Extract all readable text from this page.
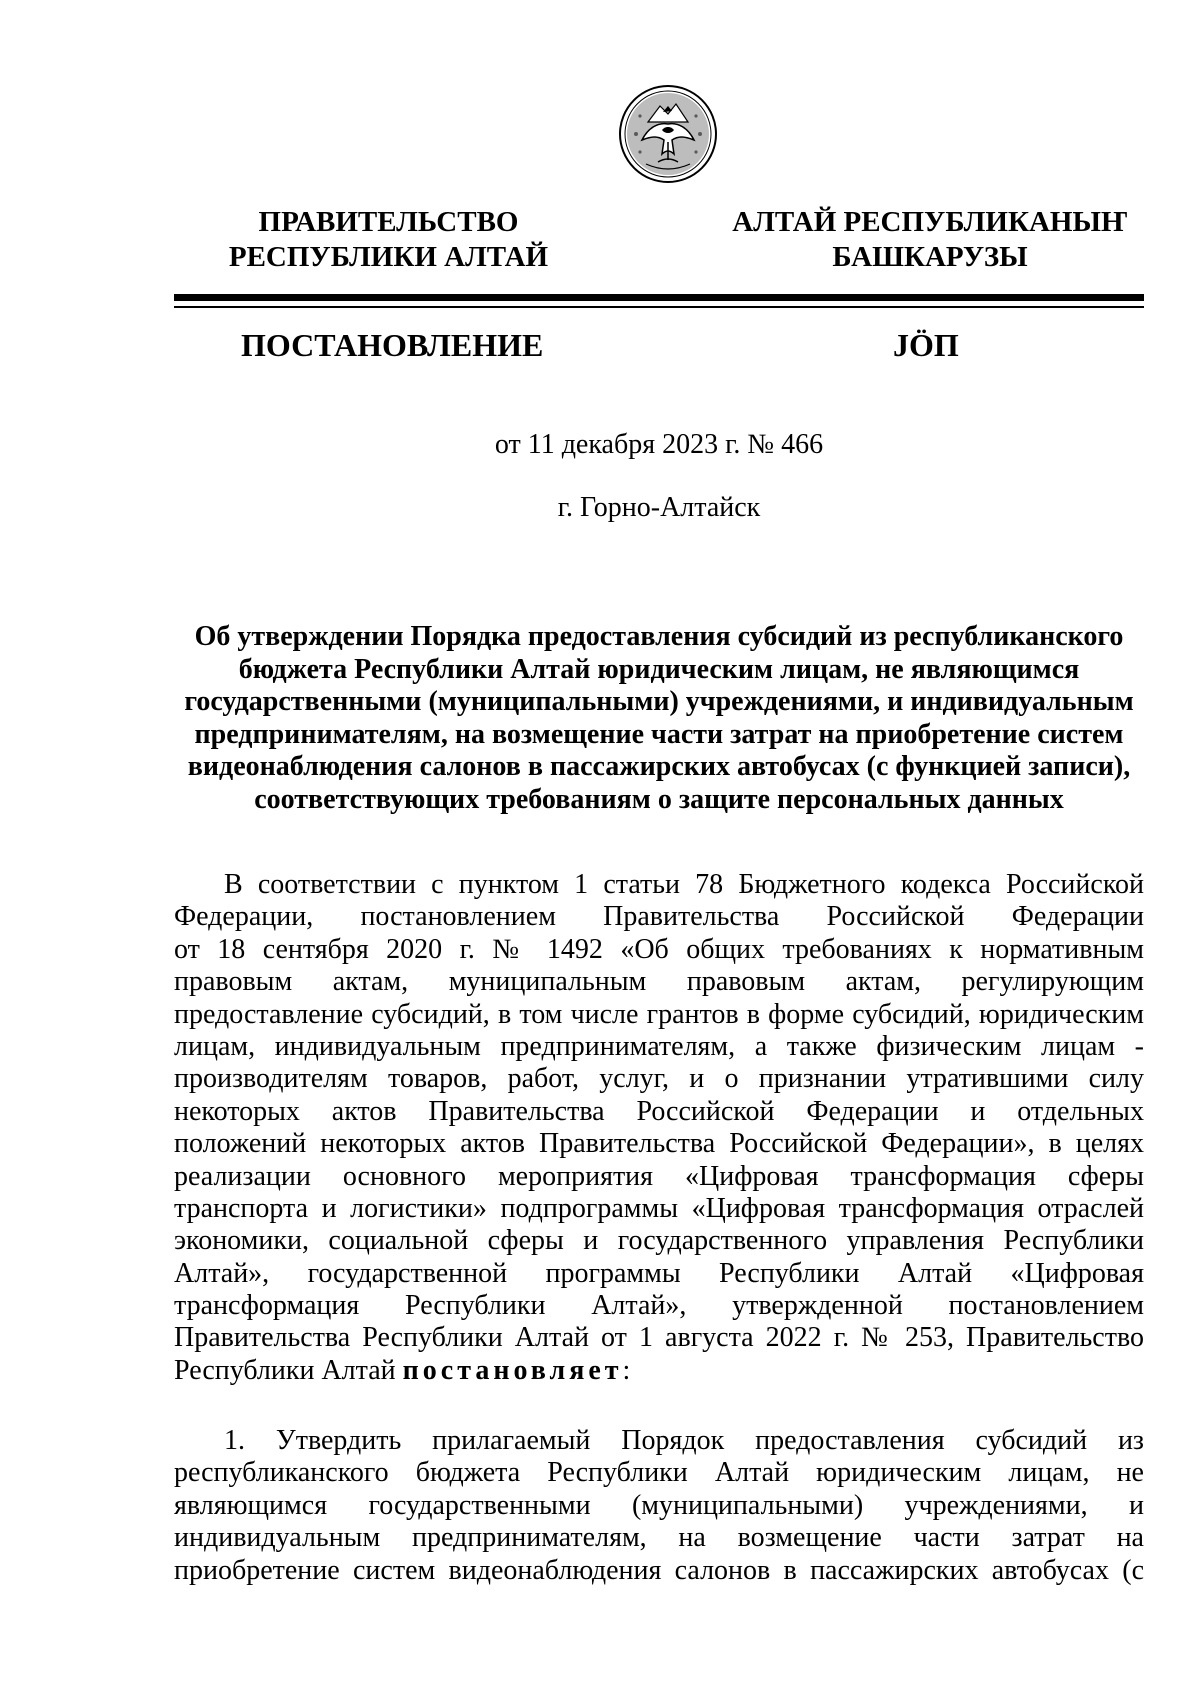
ПРАВИТЕЛЬСТВО
РЕСПУБЛИКИ АЛТАЙ
АЛТАЙ РЕСПУБЛИКАНЫҤ
БАШКАРУЗЫ
ПОСТАНОВЛЕНИЕ	JӦП
от 11 декабря 2023 г. № 466
г. Горно-Алтайск
Об утверждении Порядка предоставления субсидий из республиканского
бюджета Республики Алтай юридическим лицам, не являющимся
государственными (муниципальными) учреждениями, и индивидуальным
предпринимателям, на возмещение части затрат на приобретение систем
видеонаблюдения салонов в пассажирских автобусах (с функцией записи),
соответствующих требованиям о защите персональных данных
В соответствии с пунктом 1 статьи 78 Бюджетного кодекса Российской
Федерации, постановлением Правительства Российской Федерации
от 18 сентября 2020 г. № 1492 «Об общих требованиях к нормативным
правовым актам, муниципальным правовым актам, регулирующим
предоставление субсидий, в том числе грантов в форме субсидий, юридическим
лицам, индивидуальным предпринимателям, а также физическим лицам -
производителям товаров, работ, услуг, и о признании утратившими силу
некоторых актов Правительства Российской Федерации и отдельных
положений некоторых актов Правительства Российской Федерации», в целях
реализации основного мероприятия «Цифровая трансформация сферы
транспорта и логистики» подпрограммы «Цифровая трансформация отраслей
экономики, социальной сферы и государственного управления Республики
Алтай», государственной программы Республики Алтай «Цифровая
трансформация Республики Алтай», утвержденной постановлением
Правительства Республики Алтай от 1 августа 2022 г. № 253, Правительство
Республики Алтай постановляет:
1. Утвердить прилагаемый Порядок предоставления субсидий из
республиканского бюджета Республики Алтай юридическим лицам, не
являющимся государственными (муниципальными) учреждениями, и
индивидуальным предпринимателям, на возмещение части затрат на
приобретение систем видеонаблюдения салонов в пассажирских автобусах (с
